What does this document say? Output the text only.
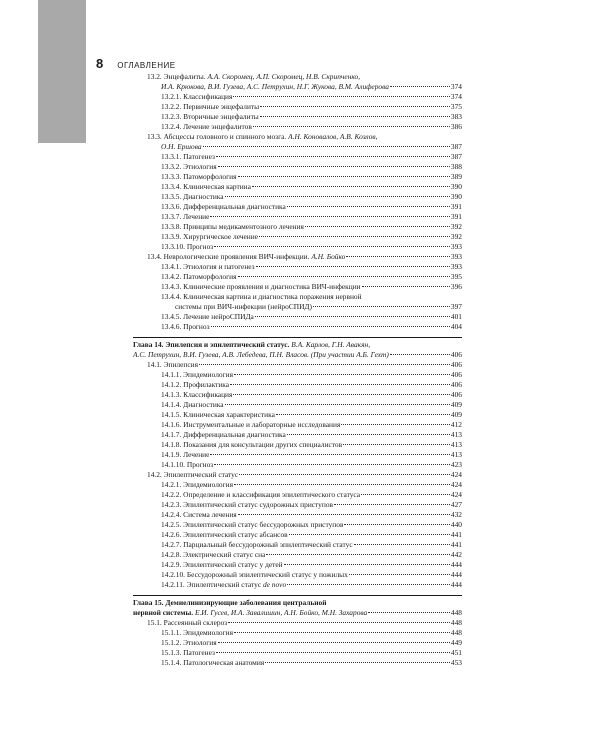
8 ОГЛАВЛЕНИЕ
13.2. Энцефалиты. А.А. Скоромец, А.П. Скоромец, Н.В. Скрипченко,
И.А. Крюкова, В.И. Гузева, А.С. Петрухин, Н.Г. Жукова, В.М. Алиферова	374
13.2.1. Классификация	374
13.2.2. Первичные энцефалиты	375
13.2.3. Вторичные энцефалиты	383
13.2.4. Лечение энцефалитов	386
13.3. Абсцессы головного и спинного мозга. А.Н. Коновалов, А.В. Козлов,
О.Н. Ершова	387
13.3.1. Патогенез	387
13.3.2. Этиология	388
13.3.3. Патоморфология	389
13.3.4. Клиническая картина	390
13.3.5. Диагностика	390
13.3.6. Дифференциальная диагностика	391
13.3.7. Лечение	391
13.3.8. Принципы медикаментозного лечения	392
13.3.9. Хирургическое лечение	392
13.3.10. Прогноз	393
13.4. Неврологические проявления ВИЧ-инфекции. А.Н. Бойко	393
13.4.1. Этиология и патогенез	393
13.4.2. Патоморфология	395
13.4.3. Клинические проявления и диагностика ВИЧ-инфекции	396
13.4.4. Клиническая картина и диагностика поражения нервной
системы при ВИЧ-инфекции (нейроСПИД)	397
13.4.5. Лечение нейроСПИДа	401
13.4.6. Прогноз	404
Глава 14. Эпилепсия и эпилептический статус. В.А. Карлов, Г.Н. Авакян,
А.С. Петрухин, В.И. Гузева, А.В. Лебедева, П.Н. Власов. (При участии А.Б. Гехт)	406
14.1. Эпилепсия	406
14.1.1. Эпидемиология	406
14.1.2. Профилактика	406
14.1.3. Классификация	406
14.1.4. Диагностика	409
14.1.5. Клиническая характеристика	409
14.1.6. Инструментальные и лабораторные исследования	412
14.1.7. Дифференциальная диагностика	413
14.1.8. Показания для консультации других специалистов	413
14.1.9. Лечение	413
14.1.10. Прогноз	423
14.2. Эпилептический статус	424
14.2.1. Эпидемиология	424
14.2.2. Определение и классификация эпилептического статуса	424
14.2.3. Эпилептический статус судорожных приступов	427
14.2.4. Система лечения	432
14.2.5. Эпилептический статус бессудорожных приступов	440
14.2.6. Эпилептический статус абсансов	441
14.2.7. Парциальный бессудорожный эпилептический статус	441
14.2.8. Электрический статус сна	442
14.2.9. Эпилептический статус у детей	444
14.2.10. Бессудорожный эпилептический статус у пожилых	444
14.2.11. Эпилептический статус de novo	444
Глава 15. Демиелинизирующие заболевания центральной
нервной системы. Е.И. Гусев, И.А. Завалишин, А.Н. Бойко, М.Н. Захарова	448
15.1. Рассеянный склероз	448
15.1.1. Эпидемиология	448
15.1.2. Этиология	449
15.1.3. Патогенез	451
15.1.4. Патологическая анатомия	453
